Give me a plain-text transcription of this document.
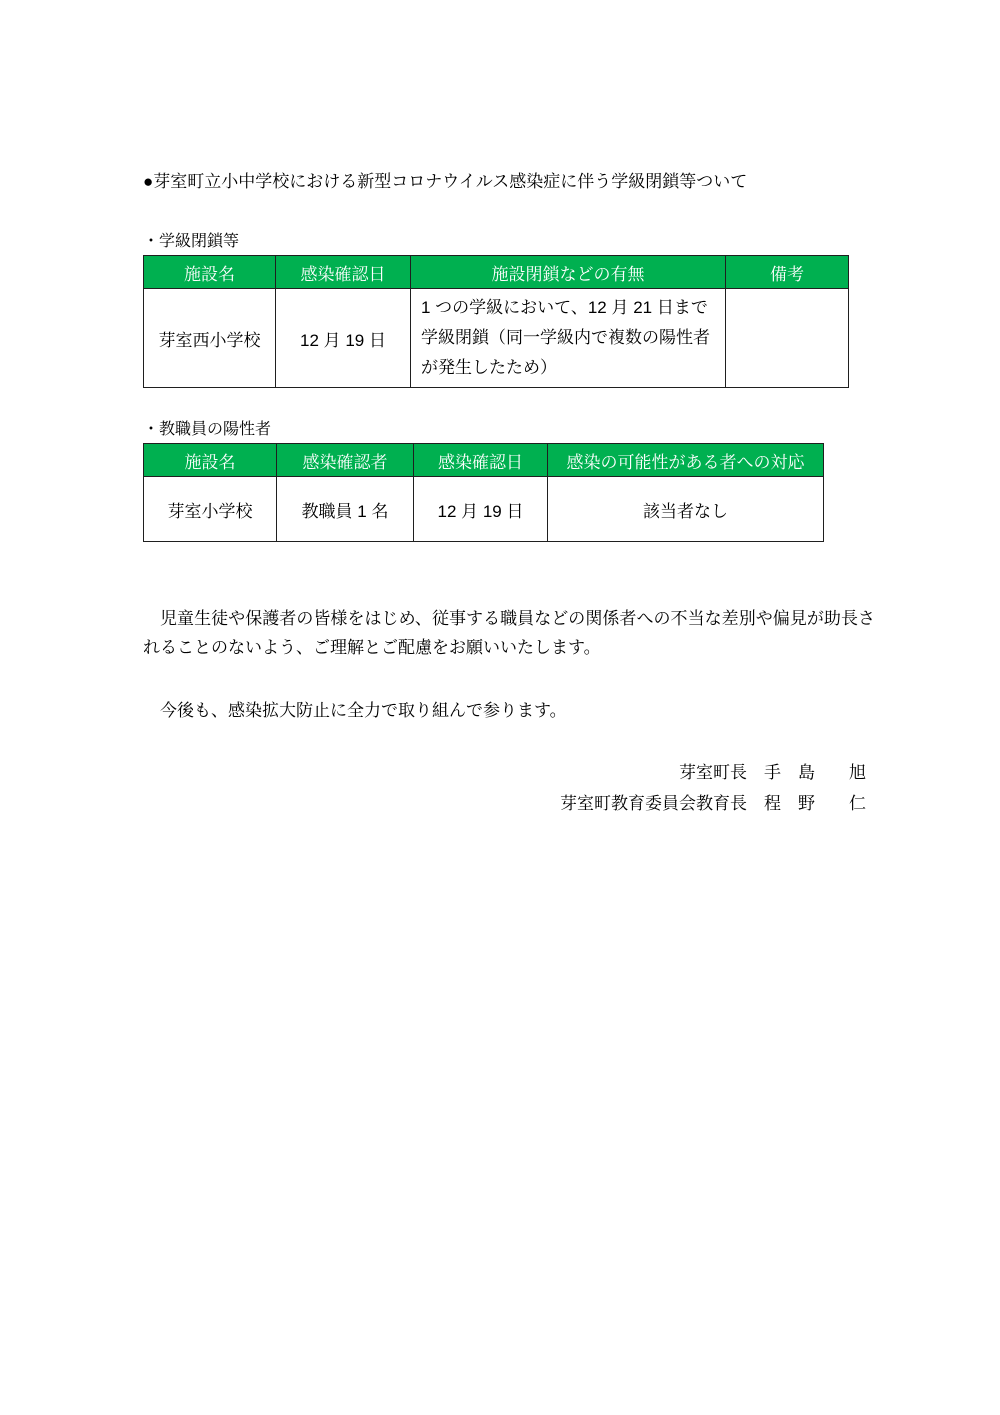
●芽室町立小中学校における新型コロナウイルス感染症に伴う学級閉鎖等ついて
・学級閉鎖等
施設名	感染確認日	施設閉鎖などの有無	備考
芽室西小学校	12 月 19 日	1 つの学級において、12 月 21 日まで学級閉鎖（同一学級内で複数の陽性者が発生したため）	
・教職員の陽性者
施設名	感染確認者	感染確認日	感染の可能性がある者への対応
芽室小学校	教職員 1 名	12 月 19 日	該当者なし
児童生徒や保護者の皆様をはじめ、従事する職員などの関係者への不当な差別や偏見が助長されることのないよう、ご理解とご配慮をお願いいたします。
今後も、感染拡大防止に全力で取り組んで参ります。
芽室町長　手　島　　旭
芽室町教育委員会教育長　程　野　　仁
